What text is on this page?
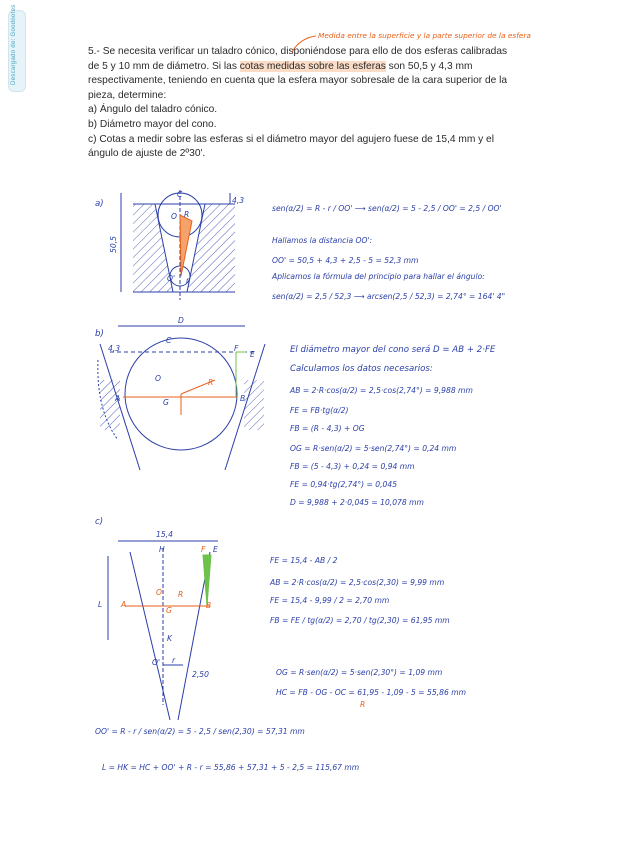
Descargado de: Goodnotes	Medida entre la superficie y la parte superior de la esfera

5.- Se necesita verificar un taladro cónico, disponiéndose para ello de dos esferas calibradas

de 5 y 10 mm de diámetro. Si las cotas medidas sobre las esferas son 50,5 y 4,3 mm

respectivamente, teniendo en cuenta que la esfera mayor sobresale de la cara superior de la

pieza, determine:

a) Ángulo del taladro cónico.

b) Diámetro mayor del cono.

c) Cotas a medir sobre las esferas si el diámetro mayor del agujero fuese de 15,4 mm y el

ángulo de ajuste de 2º30'.

a)
C
O R
O' r
4,3
50,5
sen(α/2) = R - r / OO' ⟶ sen(α/2) = 5 - 2,5 / OO' = 2,5 / OO'
Hallamos la distancia OO':
OO' = 50,5 + 4,3 + 2,5 - 5 = 52,3 mm
Aplicamos la fórmula del principio para hallar el ángulo:
sen(α/2) = 2,5 / 52,3 ⟶ arcsen(2,5 / 52,3) = 2,74° = 164' 4"
b)
D
C
F
E
O	R
A	G	B
4,3	El diámetro mayor del cono será D = AB + 2·FE
Calculamos los datos necesarios:
AB = 2·R·cos(α/2) = 2,5·cos(2,74°) = 9,988 mm
FE = FB·tg(α/2)
FB = (R - 4,3) + OG
OG = R·sen(α/2) = 5·sen(2,74°) = 0,24 mm
FB = (5 - 4,3) + 0,24 = 0,94 mm
FE = 0,94·tg(2,74°) = 0,045
D = 9,988 + 2·0,045 = 10,078 mm
c)
15,4
H	F E
A
O R
G
B
L
K
O' r
2,50
FE = 15,4 - AB / 2
AB = 2·R·cos(α/2) = 2,5·cos(2,30) = 9,99 mm
FE = 15,4 - 9,99 / 2 = 2,70 mm
FB = FE / tg(α/2) = 2,70 / tg(2,30) = 61,95 mm
OG = R·sen(α/2) = 5·sen(2,30°) = 1,09 mm
HC = FB - OG - OC = 61,95 - 1,09 - 5 = 55,86 mm
R
OO' = R - r / sen(α/2) = 5 - 2,5 / sen(2,30) = 57,31 mm
L = HK = HC + OO' + R - r = 55,86 + 57,31 + 5 - 2,5 = 115,67 mm
